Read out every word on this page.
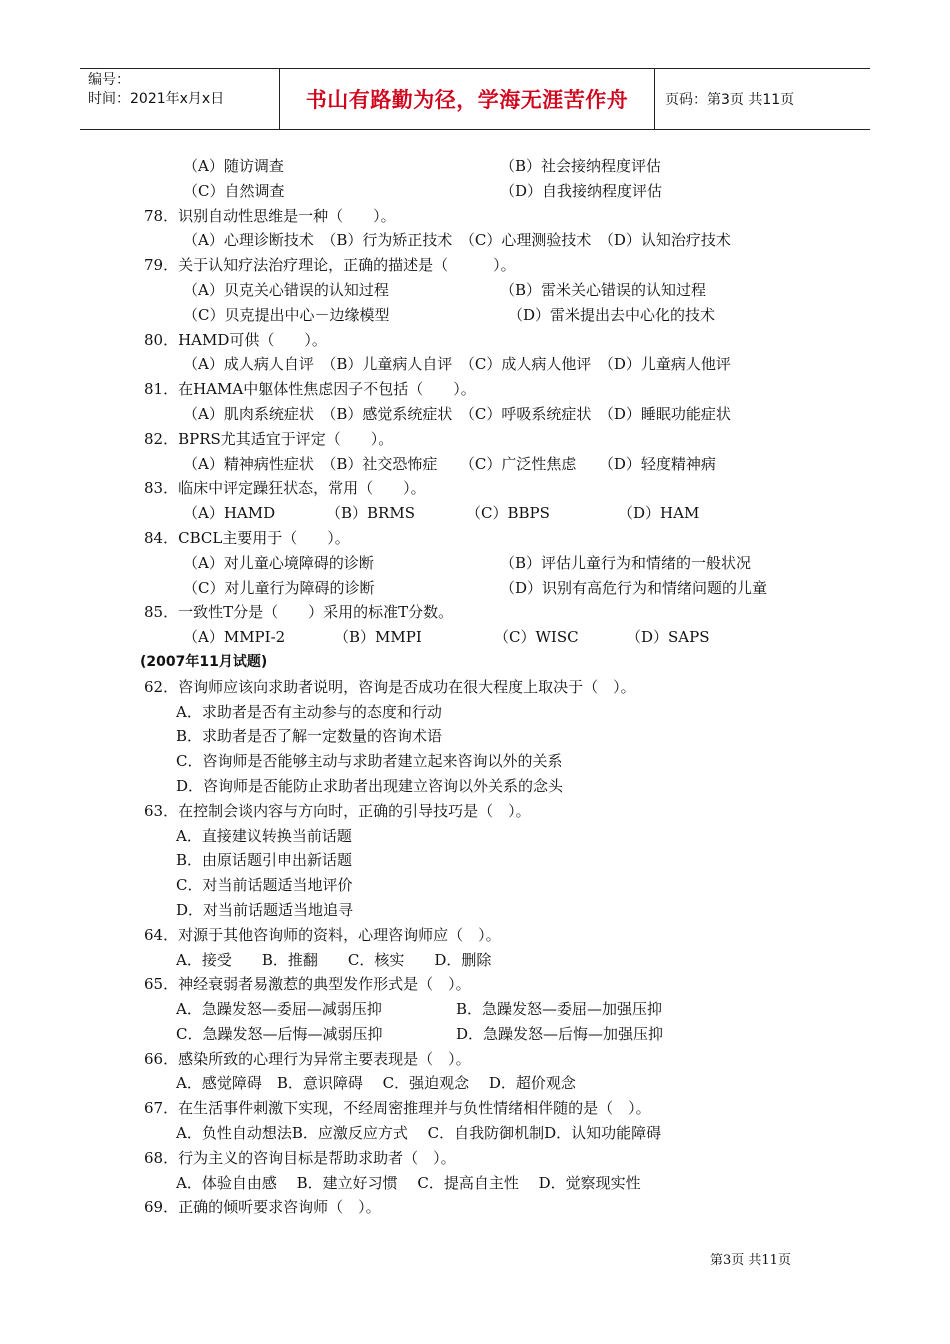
编号：
时间：2021年x月x日	书山有路勤为径，学海无涯苦作舟	页码：第3页 共11页
（A）随访调查	（B）社会接纳程度评估
（C）自然调查	（D）自我接纳程度评估
78．识别自动性思维是一种（　　）。
（A）心理诊断技术　（B）行为矫正技术　（C）心理测验技术　（D）认知治疗技术
79．关于认知疗法治疗理论，正确的描述是（　　　）。
（A）贝克关心错误的认知过程	（B）雷米关心错误的认知过程
（C）贝克提出中心－边缘模型	（D）雷米提出去中心化的技术
80．HAMD可供（　　）。
（A）成人病人自评　（B）儿童病人自评　（C）成人病人他评　（D）儿童病人他评
81．在HAMA中躯体性焦虑因子不包括（　　）。
（A）肌肉系统症状　（B）感觉系统症状　（C）呼吸系统症状　（D）睡眠功能症状
82．BPRS尤其适宜于评定（　　）。
（A）精神病性症状　（B）社交恐怖症　　（C）广泛性焦虑　　（D）轻度精神病
83．临床中评定躁狂状态，常用（　　）。
（A）HAMD	（B）BRMS	（C）BBPS	（D）HAM
84．CBCL主要用于（　　）。
（A）对儿童心境障碍的诊断	（B）评估儿童行为和情绪的一般状况
（C）对儿童行为障碍的诊断	（D）识别有高危行为和情绪问题的儿童
85．一致性T分是（　　）采用的标准T分数。
（A）MMPI-2	（B）MMPI	（C）WISC	（D）SAPS
(2007年11月试题)
62．咨询师应该向求助者说明，咨询是否成功在很大程度上取决于（　）。
A．求助者是否有主动参与的态度和行动
B．求助者是否了解一定数量的咨询术语
C．咨询师是否能够主动与求助者建立起来咨询以外的关系
D．咨询师是否能防止求助者出现建立咨询以外关系的念头
63．在控制会谈内容与方向时，正确的引导技巧是（　）。
A．直接建议转换当前话题
B．由原话题引申出新话题
C．对当前话题适当地评价
D．对当前话题适当地追寻
64．对源于其他咨询师的资料，心理咨询师应（　）。
A．接受　　B．推翻　　C．核实　　D．删除
65．神经衰弱者易激惹的典型发作形式是（　）。
A．急躁发怒—委屈—减弱压抑	B．急躁发怒—委屈—加强压抑
C．急躁发怒—后悔—减弱压抑	D．急躁发怒—后悔—加强压抑
66．感染所致的心理行为异常主要表现是（　）。
A．感觉障碍　B．意识障碍　 C．强迫观念　 D．超价观念
67．在生活事件刺激下实现，不经周密推理并与负性情绪相伴随的是（　）。
A．负性自动想法B．应激反应方式　 C．自我防御机制D．认知功能障碍
68．行为主义的咨询目标是帮助求助者（　）。
A．体验自由感　 B．建立好习惯　 C．提高自主性　 D．觉察现实性
69．正确的倾听要求咨询师（　）。
第3页 共11页
